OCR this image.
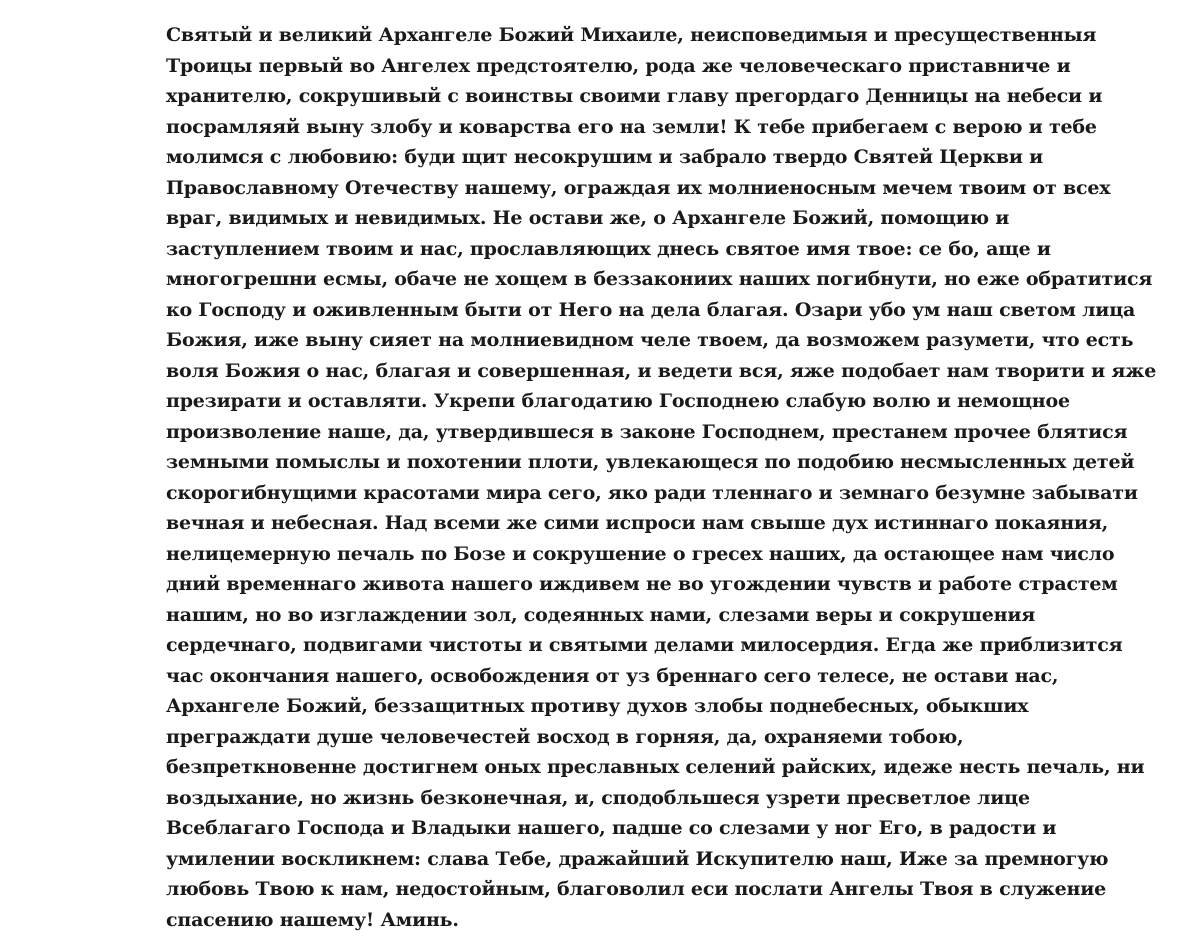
Святый и великий Архангеле Божий Михаиле, неисповедимыя и пресущественныя
Троицы первый во Ангелех предстоятелю, рода же человеческаго приставниче и
хранителю, сокрушивый с воинствы своими главу прегордаго Денницы на небеси и
посрамляяй выну злобу и коварства его на земли! К тебе прибегаем с верою и тебе
молимся с любовию: буди щит несокрушим и забрало твердо Святей Церкви и
Православному Отечеству нашему, ограждая их молниеносным мечем твоим от всех
враг, видимых и невидимых. Не остави же, о Архангеле Божий, помощию и
заступлением твоим и нас, прославляющих днесь святое имя твое: се бо, аще и
многогрешни есмы, обаче не хощем в беззакониих наших погибнути, но еже обратитися
ко Господу и оживленным быти от Него на дела благая. Озари убо ум наш светом лица
Божия, иже выну сияет на молниевидном челе твоем, да возможем разумети, что есть
воля Божия о нас, благая и совершенная, и ведети вся, яже подобает нам творити и яже
презирати и оставляти. Укрепи благодатию Господнею слабую волю и немощное
произволение наше, да, утвердившеся в законе Господнем, престанем прочее блятися
земными помыслы и похотении плоти, увлекающеся по подобию несмысленных детей
скорогибнущими красотами мира сего, яко ради тленнаго и земнаго безумне забывати
вечная и небесная. Над всеми же сими испроси нам свыше дух истиннаго покаяния,
нелицемерную печаль по Бозе и сокрушение о гресех наших, да остающее нам число
дний временнаго живота нашего иждивем не во угождении чувств и работе страстем
нашим, но во изглаждении зол, содеянных нами, слезами веры и сокрушения
сердечнаго, подвигами чистоты и святыми делами милосердия. Егда же приблизится
час окончания нашего, освобождения от уз бреннаго сего телесе, не остави нас,
Архангеле Божий, беззащитных противу духов злобы поднебесных, обыкших
преграждати душе человечестей восход в горняя, да, охраняеми тобою,
безпреткновенне достигнем оных преславных селений райских, идеже несть печаль, ни
воздыхание, но жизнь безконечная, и, сподобльшеся узрети пресветлое лице
Всеблагаго Господа и Владыки нашего, падше со слезами у ног Его, в радости и
умилении воскликнем: слава Тебе, дражайший Искупителю наш, Иже за премногую
любовь Твою к нам, недостойным, благоволил еси послати Ангелы Твоя в служение
спасению нашему! Аминь.
